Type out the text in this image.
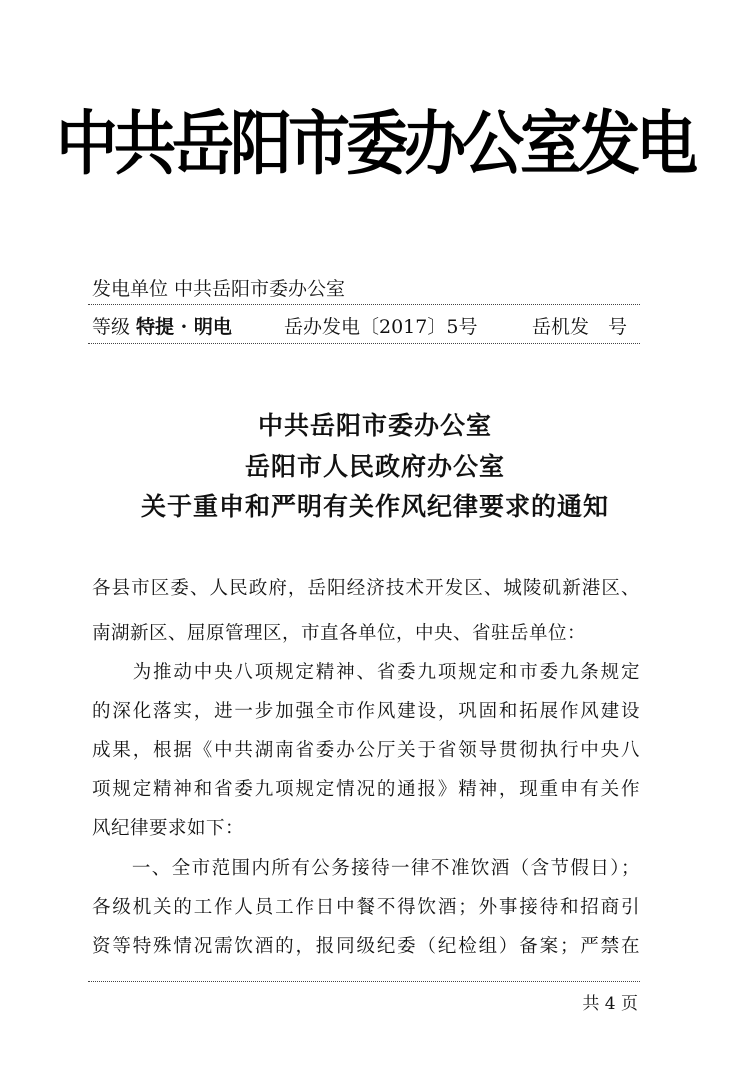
中共岳阳市委办公室发电
发电单位 中共岳阳市委办公室
等级 特提 · 明电	岳办发电〔2017〕5号	岳机发　号
中共岳阳市委办公室
岳阳市人民政府办公室
关于重申和严明有关作风纪律要求的通知
各县市区委、人民政府，岳阳经济技术开发区、城陵矶新港区、
南湖新区、屈原管理区，市直各单位，中央、省驻岳单位：
　　为推动中央八项规定精神、省委九项规定和市委九条规定
的深化落实，进一步加强全市作风建设，巩固和拓展作风建设
成果，根据《中共湖南省委办公厅关于省领导贯彻执行中央八
项规定精神和省委九项规定情况的通报》精神，现重申有关作
风纪律要求如下：
　　一、全市范围内所有公务接待一律不准饮酒（含节假日）；
各级机关的工作人员工作日中餐不得饮酒；外事接待和招商引
资等特殊情况需饮酒的，报同级纪委（纪检组）备案；严禁在
共 4 页
